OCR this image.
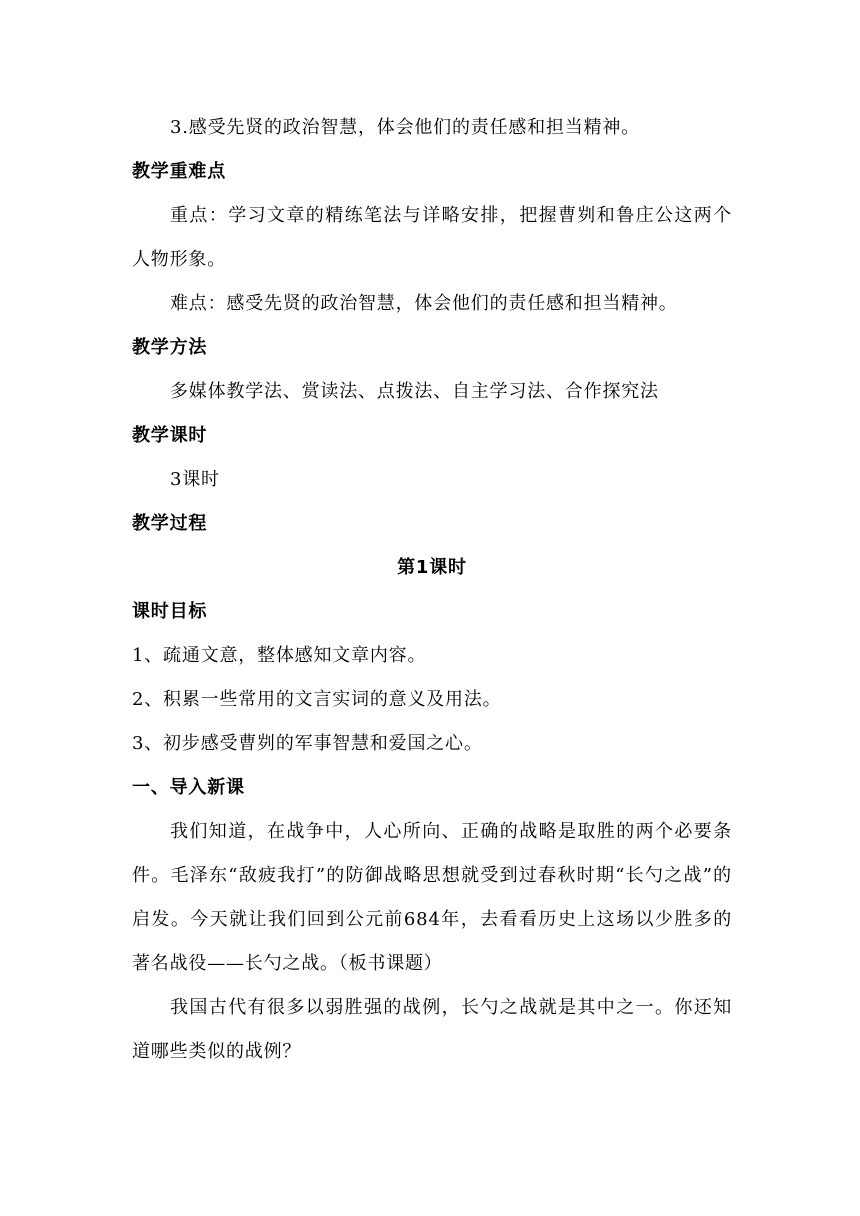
3.感受先贤的政治智慧，体会他们的责任感和担当精神。

教学重难点

重点：学习文章的精练笔法与详略安排，把握曹刿和鲁庄公这两个人物形象。

难点：感受先贤的政治智慧，体会他们的责任感和担当精神。

教学方法

多媒体教学法、赏读法、点拨法、自主学习法、合作探究法

教学课时

3课时

教学过程
第1课时
课时目标

1、疏通文意，整体感知文章内容。

2、积累一些常用的文言实词的意义及用法。

3、初步感受曹刿的军事智慧和爱国之心。

一、导入新课

我们知道，在战争中，人心所向、正确的战略是取胜的两个必要条件。毛泽东“敌疲我打”的防御战略思想就受到过春秋时期“长勺之战”的启发。今天就让我们回到公元前684年，去看看历史上这场以少胜多的著名战役——长勺之战。（板书课题）

我国古代有很多以弱胜强的战例，长勺之战就是其中之一。你还知道哪些类似的战例？
